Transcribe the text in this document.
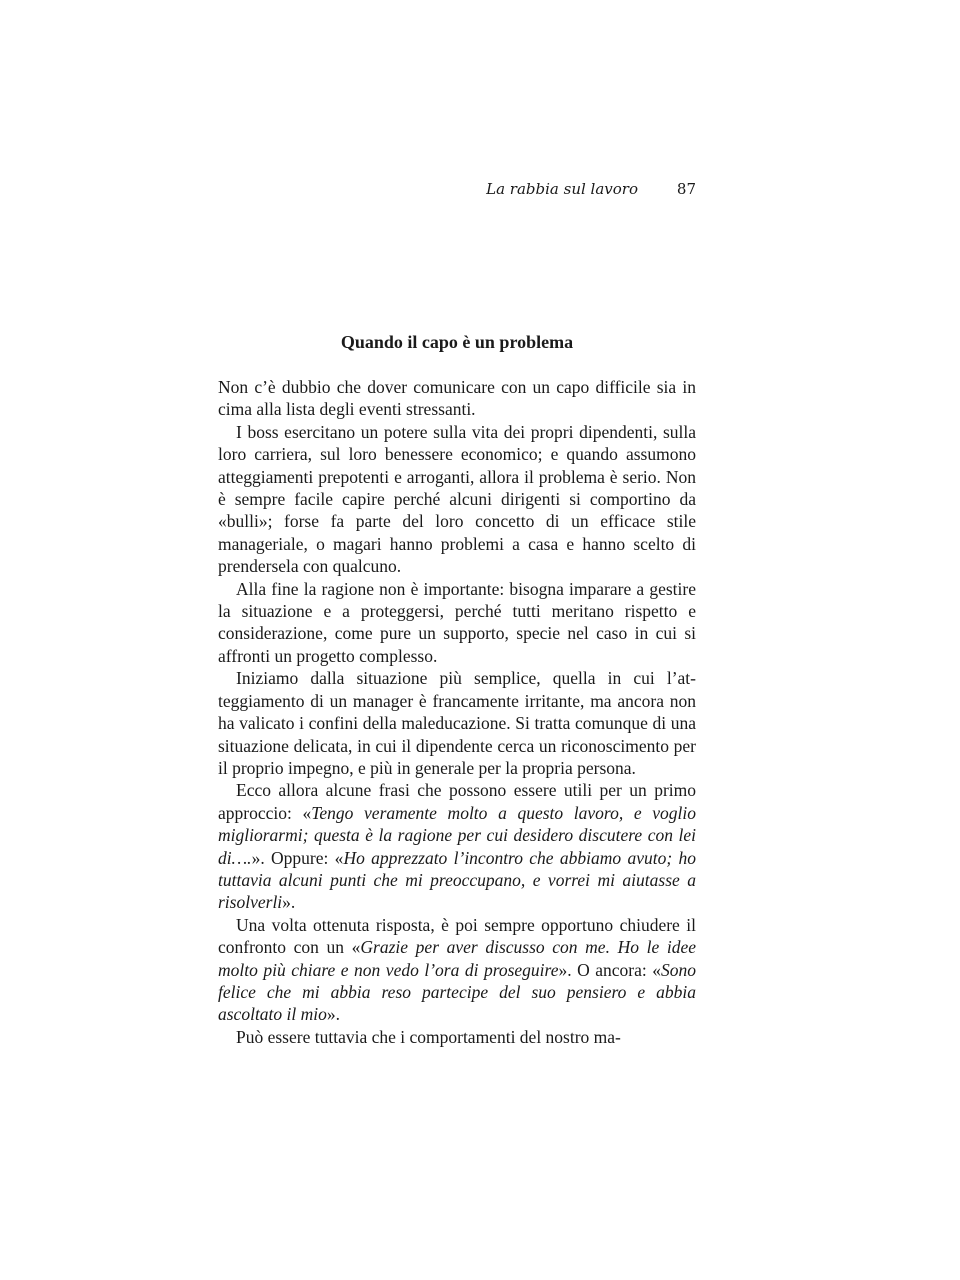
La rabbia sul lavoro	87
Quando il capo è un problema

Non c’è dubbio che dover comunicare con un capo difficile sia in cima alla lista degli eventi stressanti.

I boss esercitano un potere sulla vita dei propri dipendenti, sulla loro carriera, sul loro benessere economico; e quando assumono atteggiamenti prepotenti e arroganti, allora il problema è serio. Non è sempre facile capire perché alcuni dirigenti si comportino da «bulli»; forse fa parte del loro concetto di un efficace stile manageriale, o magari hanno problemi a casa e hanno scelto di prendersela con qualcuno.

Alla fine la ragione non è importante: bisogna imparare a gestire la situazione e a proteggersi, perché tutti meritano rispetto e considerazione, come pure un supporto, specie nel caso in cui si affronti un progetto complesso.

Iniziamo dalla situazione più semplice, quella in cui l’atteggiamento di un manager è francamente irritante, ma ancora non ha valicato i confini della maleducazione. Si tratta comunque di una situazione delicata, in cui il dipendente cerca un riconoscimento per il proprio impegno, e più in generale per la propria persona.

Ecco allora alcune frasi che possono essere utili per un primo approccio: «Tengo veramente molto a questo lavoro, e voglio migliorarmi; questa è la ragione per cui desidero discutere con lei di….». Oppure: «Ho apprezzato l’incontro che abbiamo avuto; ho tuttavia alcuni punti che mi preoccupano, e vorrei mi aiutasse a risolverli».

Una volta ottenuta risposta, è poi sempre opportuno chiudere il confronto con un «Grazie per aver discusso con me. Ho le idee molto più chiare e non vedo l’ora di proseguire». O ancora: «Sono felice che mi abbia reso partecipe del suo pensiero e abbia ascoltato il mio».

Può essere tuttavia che i comportamenti del nostro ma-
